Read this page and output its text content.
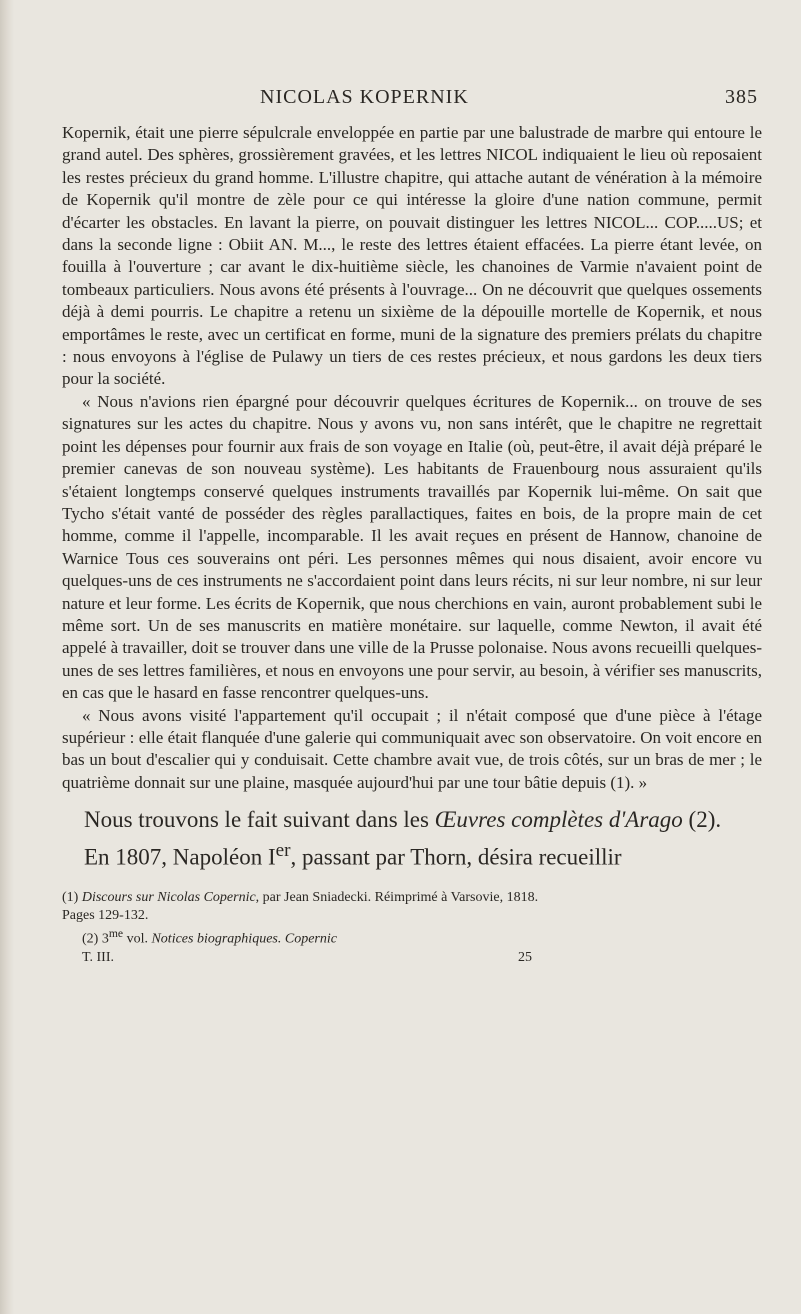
NICOLAS KOPERNIK	385

Kopernik, était une pierre sépulcrale enveloppée en partie par une balustrade de marbre qui entoure le grand autel. Des sphères, grossièrement gravées, et les lettres NICOL indiquaient le lieu où reposaient les restes précieux du grand homme. L'illustre chapitre, qui attache autant de vénération à la mémoire de Kopernik qu'il montre de zèle pour ce qui intéresse la gloire d'une nation commune, permit d'écarter les obstacles. En lavant la pierre, on pouvait distinguer les lettres NICOL... COP.....US; et dans la seconde ligne : Obiit AN. M..., le reste des lettres étaient effacées. La pierre étant levée, on fouilla à l'ouverture ; car avant le dix-huitième siècle, les chanoines de Varmie n'avaient point de tombeaux particuliers. Nous avons été présents à l'ouvrage... On ne découvrit que quelques ossements déjà à demi pourris. Le chapitre a retenu un sixième de la dépouille mortelle de Kopernik, et nous emportâmes le reste, avec un certificat en forme, muni de la signature des premiers prélats du chapitre : nous envoyons à l'église de Pulawy un tiers de ces restes précieux, et nous gardons les deux tiers pour la société.

« Nous n'avions rien épargné pour découvrir quelques écritures de Kopernik... on trouve de ses signatures sur les actes du chapitre. Nous y avons vu, non sans intérêt, que le chapitre ne regrettait point les dépenses pour fournir aux frais de son voyage en Italie (où, peut-être, il avait déjà préparé le premier canevas de son nouveau système). Les habitants de Frauenbourg nous assuraient qu'ils s'étaient longtemps conservé quelques instruments travaillés par Kopernik lui-même. On sait que Tycho s'était vanté de posséder des règles parallactiques, faites en bois, de la propre main de cet homme, comme il l'appelle, incomparable. Il les avait reçues en présent de Hannow, chanoine de Warnice Tous ces souverains ont péri. Les personnes mêmes qui nous disaient, avoir encore vu quelques-uns de ces instruments ne s'accordaient point dans leurs récits, ni sur leur nombre, ni sur leur nature et leur forme. Les écrits de Kopernik, que nous cherchions en vain, auront probablement subi le même sort. Un de ses manuscrits en matière monétaire. sur laquelle, comme Newton, il avait été appelé à travailler, doit se trouver dans une ville de la Prusse polonaise. Nous avons recueilli quelques-unes de ses lettres familières, et nous en envoyons une pour servir, au besoin, à vérifier ses manuscrits, en cas que le hasard en fasse rencontrer quelques-uns.

« Nous avons visité l'appartement qu'il occupait ; il n'était composé que d'une pièce à l'étage supérieur : elle était flanquée d'une galerie qui communiquait avec son observatoire. On voit encore en bas un bout d'escalier qui y conduisait. Cette chambre avait vue, de trois côtés, sur un bras de mer ; le quatrième donnait sur une plaine, masquée aujourd'hui par une tour bâtie depuis (1). »

Nous trouvons le fait suivant dans les Œuvres complètes d'Arago (2).

En 1807, Napoléon Ier, passant par Thorn, désira recueillir

(1) Discours sur Nicolas Copernic, par Jean Sniadecki. Réimprimé à Varsovie, 1818.

Pages 129-132.

(2) $3^{me}$ vol. Notices biographiques. Copernic

T. III.	25
